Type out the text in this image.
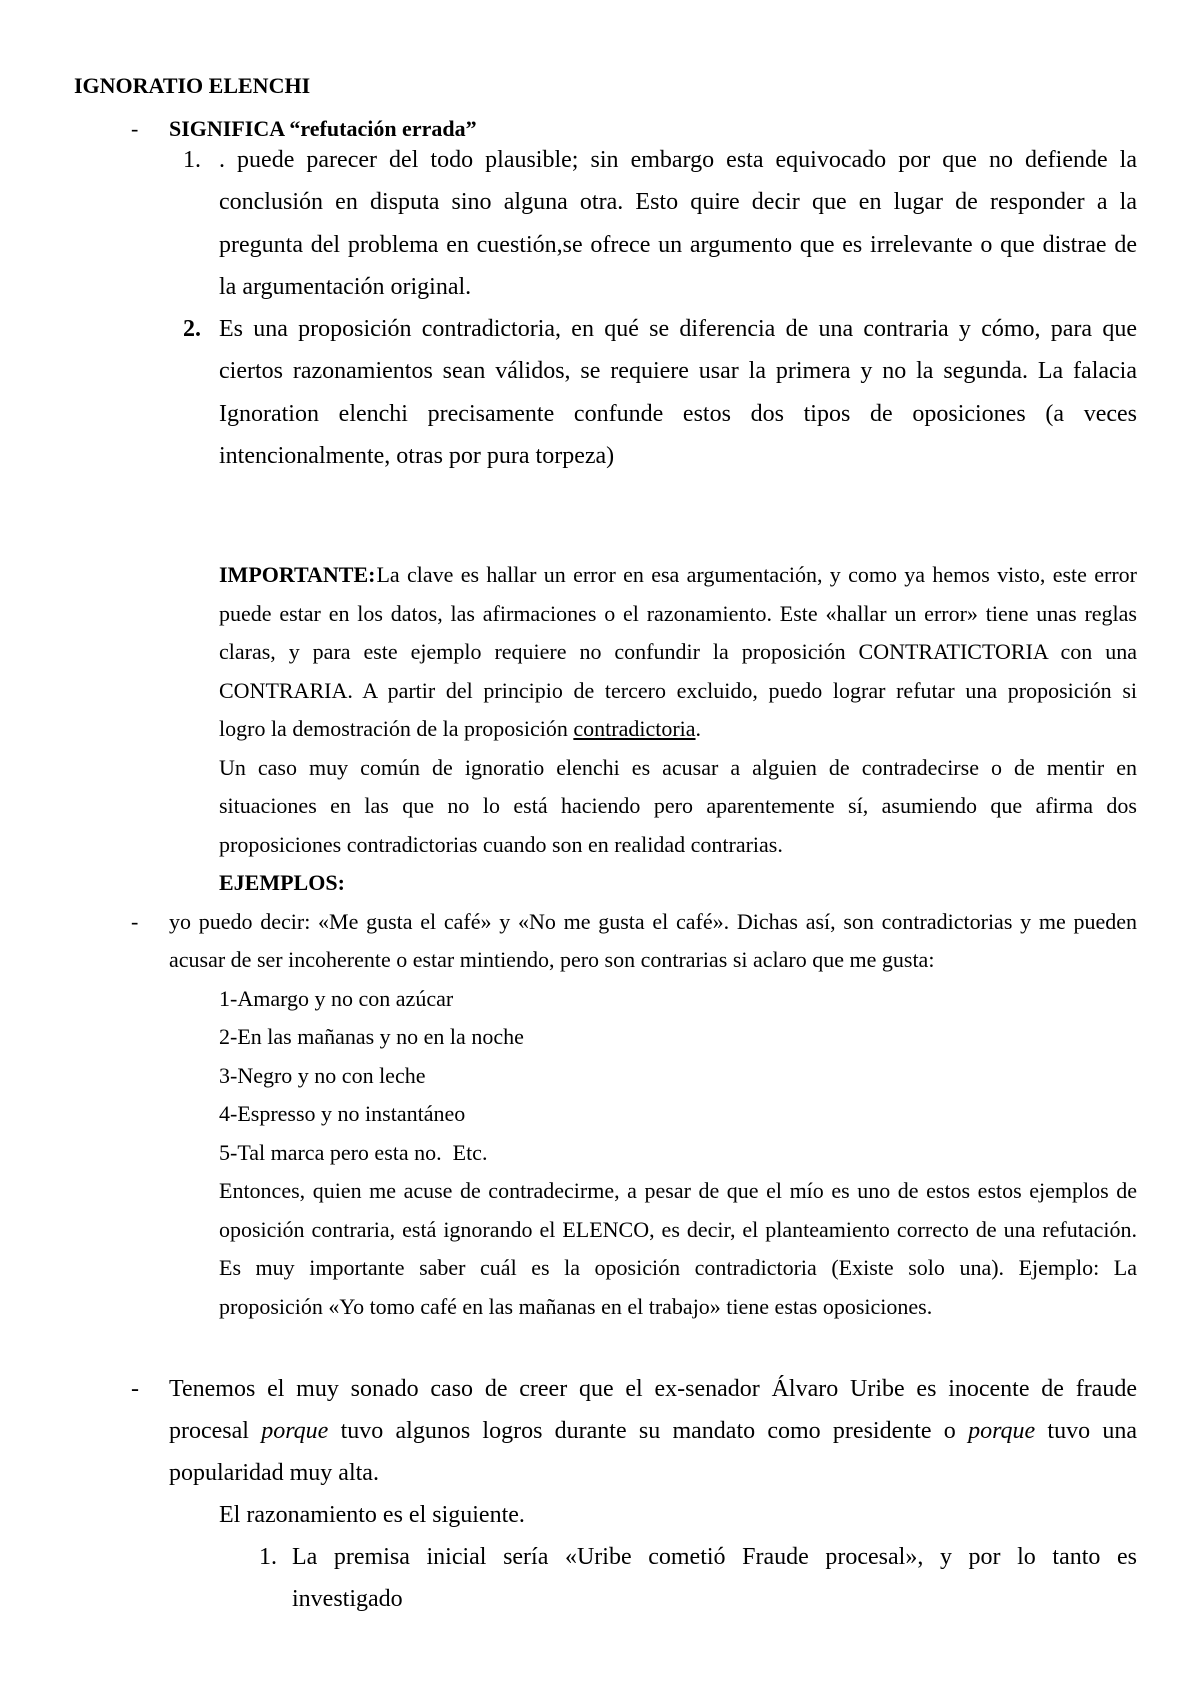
IGNORATIO ELENCHI
-	SIGNIFICA “refutación errada”
1. . puede parecer del todo plausible; sin embargo esta equivocado por que no defiende la
conclusión en disputa sino alguna otra. Esto quire decir que en lugar de responder a la
pregunta del problema en cuestión,se ofrece un argumento que es irrelevante o que distrae de
la argumentación original.
2. Es una proposición contradictoria, en qué se diferencia de una contraria y cómo, para que
ciertos razonamientos sean válidos, se requiere usar la primera y no la segunda. La falacia
Ignoration elenchi precisamente confunde estos dos tipos de oposiciones (a veces
intencionalmente, otras por pura torpeza)
IMPORTANTE:La clave es hallar un error en esa argumentación, y como ya hemos visto, este error
puede estar en los datos, las afirmaciones o el razonamiento. Este «hallar un error» tiene unas reglas
claras, y para este ejemplo requiere no confundir la proposición CONTRATICTORIA con una
CONTRARIA. A partir del principio de tercero excluido, puedo lograr refutar una proposición si
logro la demostración de la proposición contradictoria.
Un caso muy común de ignoratio elenchi es acusar a alguien de contradecirse o de mentir en
situaciones en las que no lo está haciendo pero aparentemente sí, asumiendo que afirma dos
proposiciones contradictorias cuando son en realidad contrarias.
EJEMPLOS:
-	yo puedo decir: «Me gusta el café» y «No me gusta el café». Dichas así, son contradictorias y me pueden
acusar de ser incoherente o estar mintiendo, pero son contrarias si aclaro que me gusta:
1-Amargo y no con azúcar
2-En las mañanas y no en la noche
3-Negro y no con leche
4-Espresso y no instantáneo
5-Tal marca pero esta no.  Etc.
Entonces, quien me acuse de contradecirme, a pesar de que el mío es uno de estos estos ejemplos de
oposición contraria, está ignorando el ELENCO, es decir, el planteamiento correcto de una refutación.
Es muy importante saber cuál es la oposición contradictoria (Existe solo una). Ejemplo: La
proposición «Yo tomo café en las mañanas en el trabajo» tiene estas oposiciones.
-	Tenemos el muy sonado caso de creer que el ex-senador Álvaro Uribe es inocente de fraude
procesal porque tuvo algunos logros durante su mandato como presidente o porque tuvo una
popularidad muy alta.
El razonamiento es el siguiente.
1. La premisa inicial sería «Uribe cometió Fraude procesal», y por lo tanto es
investigado
